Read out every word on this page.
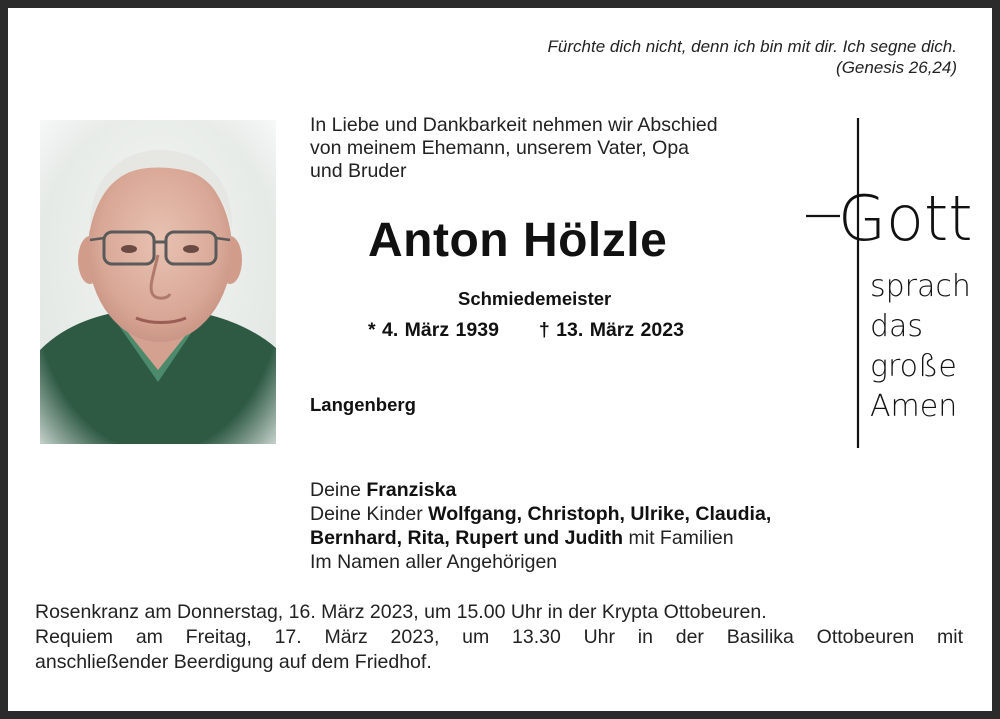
Fürchte dich nicht, denn ich bin mit dir. Ich segne dich.
(Genesis 26,24)
In Liebe und Dankbarkeit nehmen wir Abschied
von meinem Ehemann, unserem Vater, Opa
und Bruder
Anton Hölzle
Schmiedemeister
* 4. März 1939 † 13. März 2023
Langenberg
Gott
sprach
das
große
Amen
Deine Franziska
Deine Kinder Wolfgang, Christoph, Ulrike, Claudia,
Bernhard, Rita, Rupert und Judith mit Familien
Im Namen aller Angehörigen
Rosenkranz am Donnerstag, 16. März 2023, um 15.00 Uhr in der Krypta Ottobeuren.
Requiem am Freitag, 17. März 2023, um 13.30 Uhr in der Basilika Ottobeuren mit
anschließender Beerdigung auf dem Friedhof.
